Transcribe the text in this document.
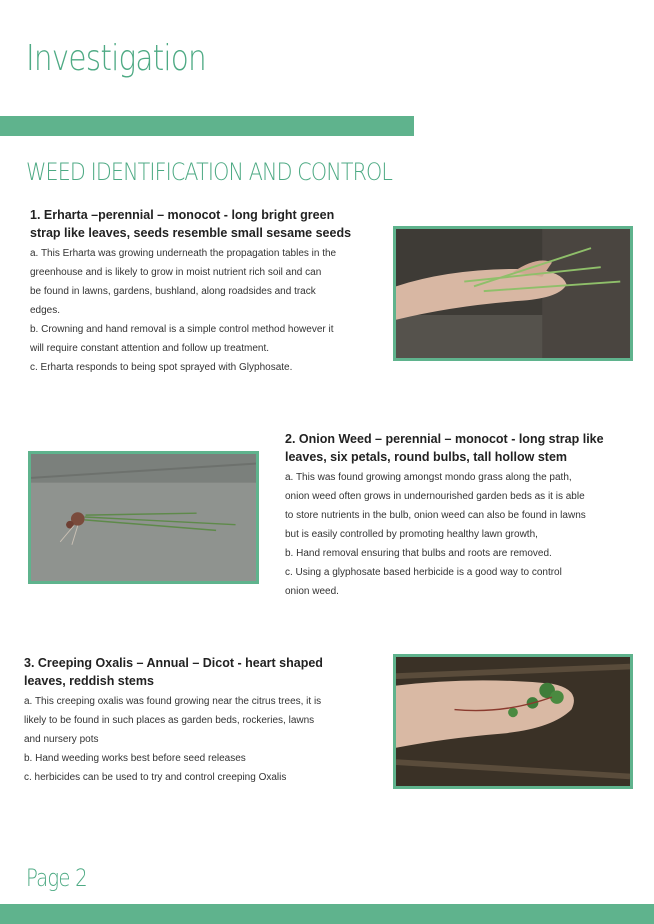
Investigation
WEED IDENTIFICATION AND CONTROL
1. Erharta –perennial – monocot - long bright green
strap like leaves, seeds resemble small sesame seeds
a. This Erharta was growing underneath the propagation tables in the
greenhouse and is likely to grow in moist nutrient rich soil and can
be found in lawns, gardens, bushland, along roadsides and track
edges.
b. Crowning and hand removal is a simple control method however it
will require constant attention and follow up treatment.
c. Erharta responds to being spot sprayed with Glyphosate.
2. Onion Weed – perennial – monocot - long strap like
leaves, six petals, round bulbs, tall hollow stem
a. This was found growing amongst mondo grass along the path,
onion weed often grows in undernourished garden beds as it is able
to store nutrients in the bulb, onion weed can also be found in lawns
but is easily controlled by promoting healthy lawn growth,
b. Hand removal ensuring that bulbs and roots are removed.
c. Using a glyphosate based herbicide is a good way to control
onion weed.
3. Creeping Oxalis – Annual – Dicot - heart shaped
leaves, reddish stems
a. This creeping oxalis was found growing near the citrus trees, it is
likely to be found in such places as garden beds, rockeries, lawns
and nursery pots
b. Hand weeding works best before seed releases
c. herbicides can be used to try and control creeping Oxalis
Page 2
